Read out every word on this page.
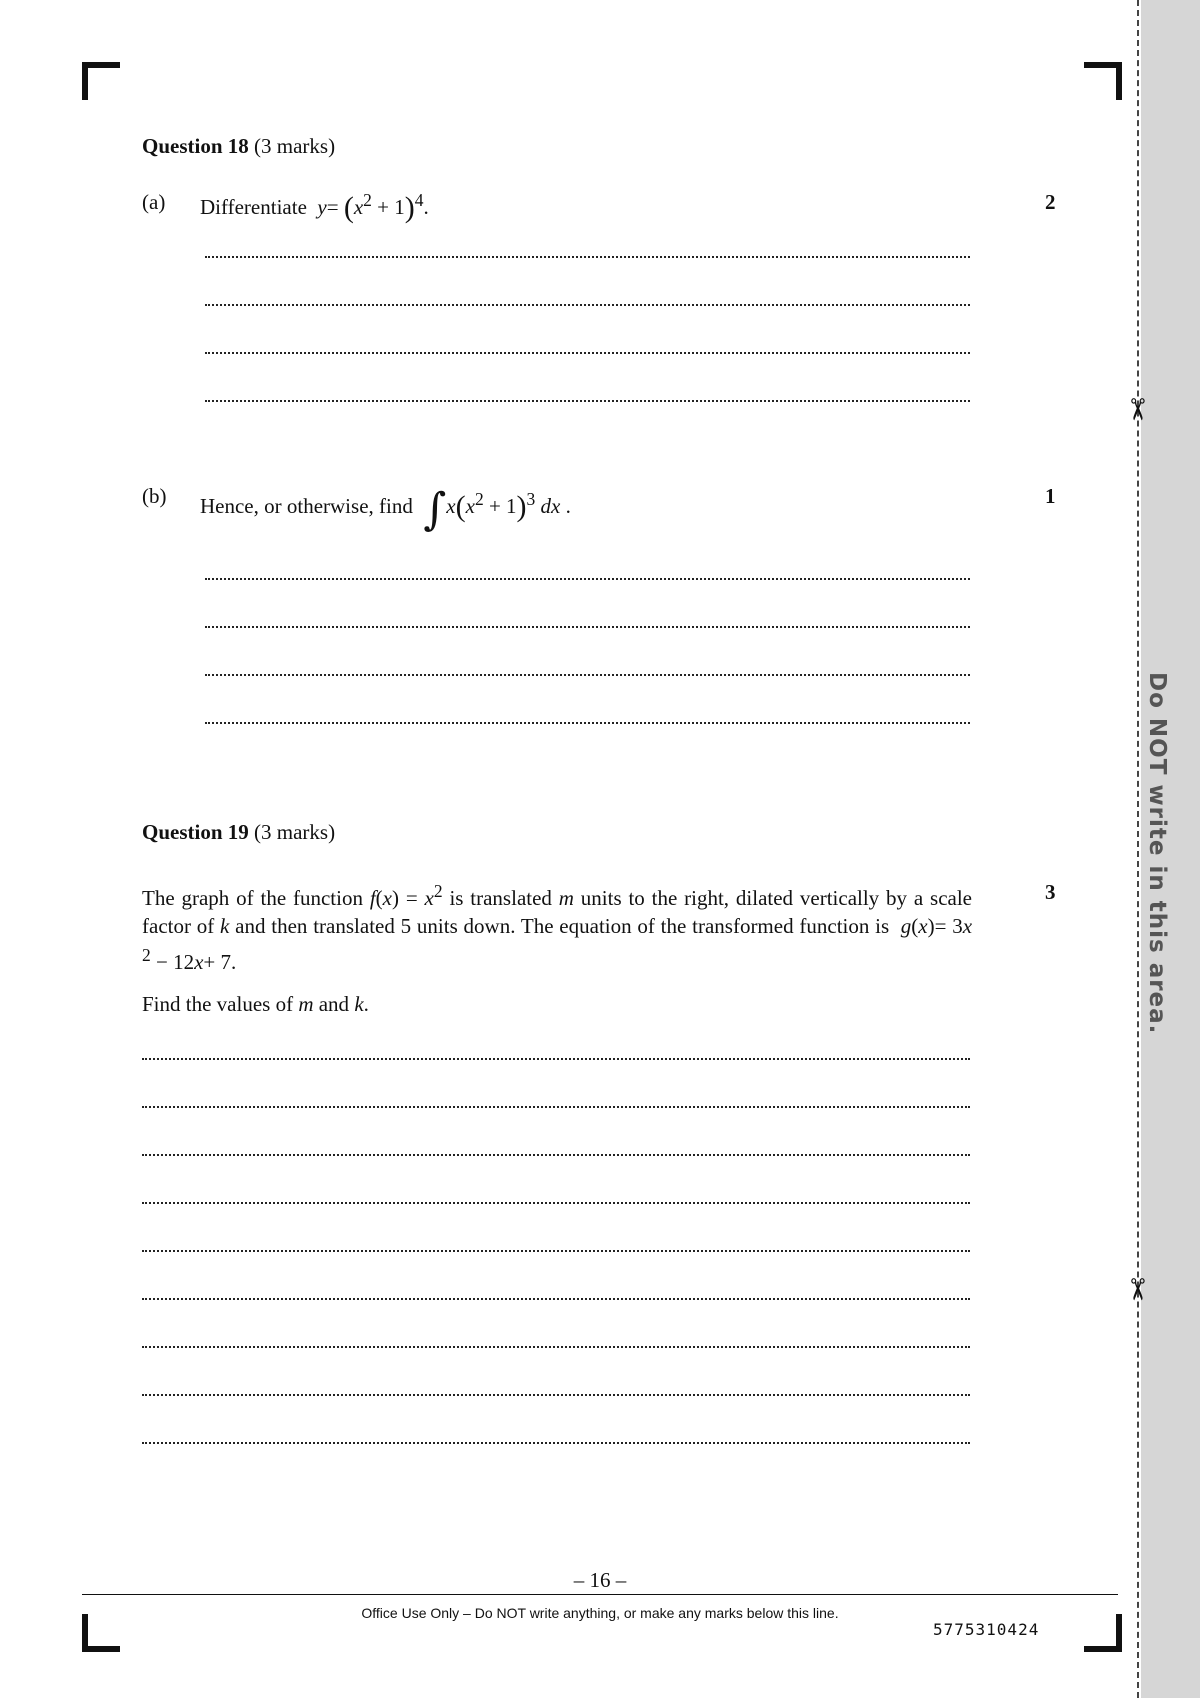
✂
✂
Do NOT write in this area.
Question 18 (3 marks)
(a) Differentiate $y= (x^2 + 1)^4$.	2
(b) Hence, or otherwise, find $\int x(x^2 + 1)^3$ dx .	1
Question 19 (3 marks)
The graph of the function $f(x) = x^2$ is translated m units to the right, dilated vertically by a scale factor of k and then translated 5 units down. The equation of the transformed function is g(x)= 3x $^2$ − 12x+ 7.
3
Find the values of m and k.
– 16 –
Office Use Only – Do NOT write anything, or make any marks below this line.
5775310424
